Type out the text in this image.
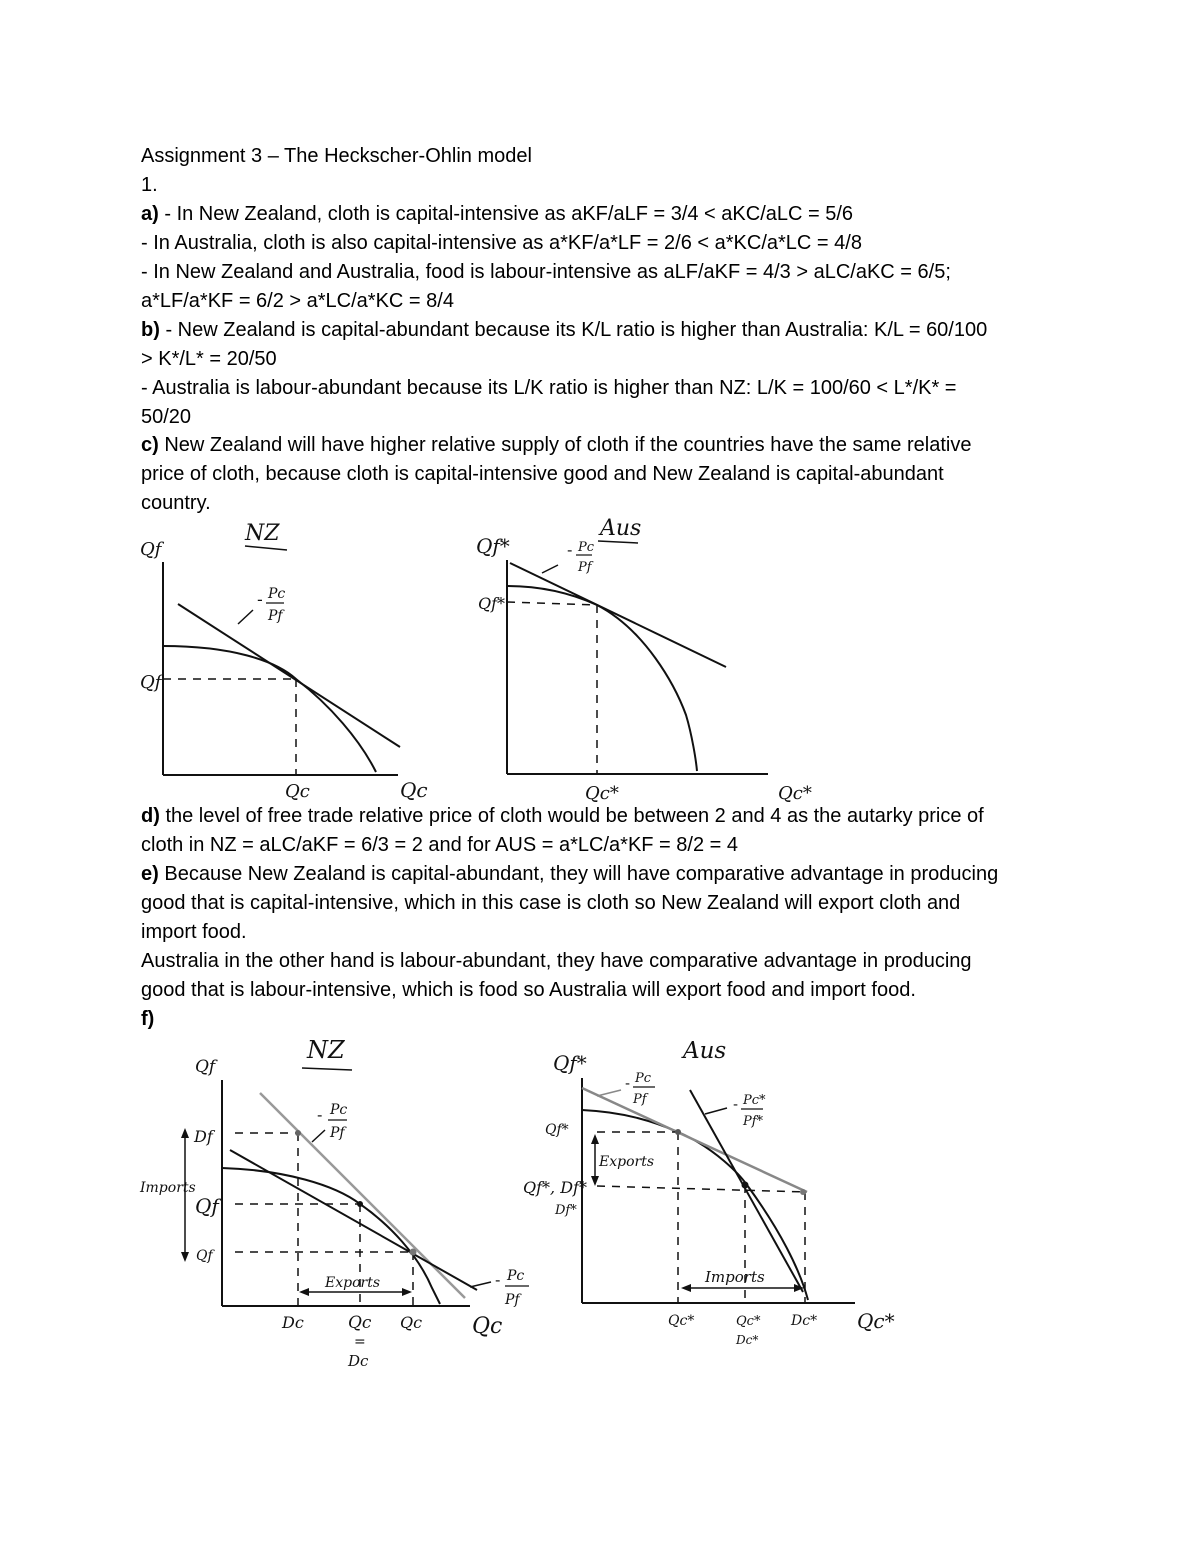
Assignment 3 – The Heckscher-Ohlin model
1.
a) - In New Zealand, cloth is capital-intensive as aKF/aLF = 3/4 < aKC/aLC = 5/6
- In Australia, cloth is also capital-intensive as a*KF/a*LF = 2/6 < a*KC/a*LC = 4/8
- In New Zealand and Australia, food is labour-intensive as aLF/aKF = 4/3 > aLC/aKC = 6/5;
a*LF/a*KF = 6/2 > a*LC/a*KC = 8/4
b) - New Zealand is capital-abundant because its K/L ratio is higher than Australia: K/L = 60/100
> K*/L* = 20/50
- Australia is labour-abundant because its L/K ratio is higher than NZ: L/K = 100/60 < L*/K* =
50/20
c) New Zealand will have higher relative supply of cloth if the countries have the same relative
price of cloth, because cloth is capital-intensive good and New Zealand is capital-abundant
country.
NZ
Qf
Qf
Qc	Qc
- Pc
Pf
Aus
Qf*
Qf*
Qc*	Qc*
- Pc
Pf
d) the level of free trade relative price of cloth would be between 2 and 4 as the autarky price of
cloth in NZ = aLC/aKF = 6/3 = 2 and for AUS = a*LC/a*KF = 8/2 = 4
e) Because New Zealand is capital-abundant, they will have comparative advantage in producing
good that is capital-intensive, which in this case is cloth so New Zealand will export cloth and
import food.
Australia in the other hand is labour-abundant, they have comparative advantage in producing
good that is labour-intensive, which is food so Australia will export food and import food.
f)
NZ
Qf
Imports
Df
Qf
Qf
Exports
Dc	Qc
=
Dc
Qc Qc
- Pc
Pf
- Pc
Pf
Aus
Qf*
Exports
Qf*
Qf*, Df*
Df*
Imports
Qc*	Qc*
Dc*
Dc* Qc*
- Pc
Pf	- Pc*
Pf*
